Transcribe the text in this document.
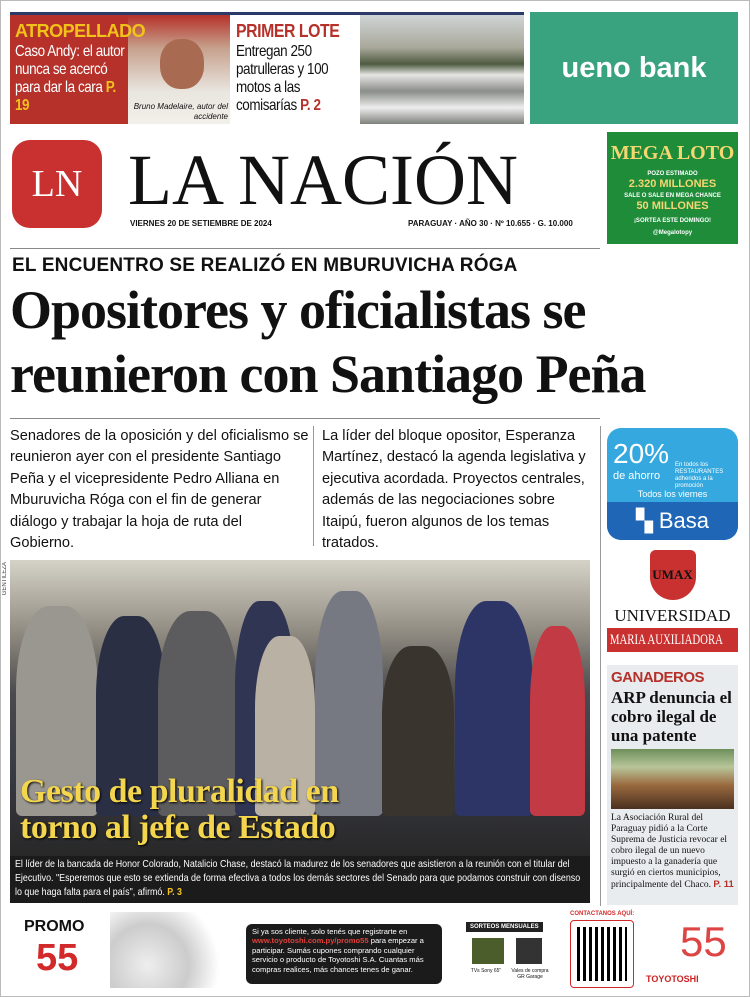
Bruno Madelaire, autor del accidente
ATROPELLADO
Caso Andy: el autor nunca se acercó para dar la cara P. 19
PRIMER LOTE
Entregan 250 patrulleras y 100 motos a las comisarías P. 2
ueno bank
LN LA NACIÓN
VIERNES 20 DE SETIEMBRE DE 2024	PARAGUAY · AÑO 30 · Nº 10.655 · G. 10.000
MEGA LOTO
POZO ESTIMADO
2.320 MILLONES
SALE O SALE EN MEGA CHANCE
50 MILLONES
¡SORTEA ESTE DOMINGO!
@Megalotopy
EL ENCUENTRO SE REALIZÓ EN MBURUVICHA RÓGA
Opositores y oficialistas se reunieron con Santiago Peña
Senadores de la oposición y del oficialismo se reunieron ayer con el presidente Santiago Peña y el vicepresidente Pedro Alliana en Mburuvicha Róga con el fin de generar diálogo y trabajar la hoja de ruta del Gobierno.
La líder del bloque opositor, Esperanza Martínez, destacó la agenda legislativa y ejecutiva acordada. Proyectos centrales, además de las negociaciones sobre Itaipú, fueron algunos de los temas tratados.
20%
de ahorro
En todos los RESTAURANTES adheridos a la promoción
Todos los viernes
▚ Basa
UMAX
UNIVERSIDAD
MARIA AUXILIADORA
GANADEROS
ARP denuncia el cobro ilegal de una patente
La Asociación Rural del Paraguay pidió a la Corte Suprema de Justicia revocar el cobro ilegal de un nuevo impuesto a la ganadería que surgió en ciertos municipios, principalmente del Chaco. P. 11
GENTILEZA
Gesto de pluralidad en torno al jefe de Estado
El líder de la bancada de Honor Colorado, Natalicio Chase, destacó la madurez de los senadores que asistieron a la reunión con el titular del Ejecutivo. "Esperemos que esto se extienda de forma efectiva a todos los demás sectores del Senado para que podamos construir con disenso lo que haga falta para el país", afirmó. P. 3
PROMO
55
Si ya sos cliente, solo tenés que registrarte en www.toyotoshi.com.py/promo55 para empezar a participar. Sumás cupones comprando cualquier servicio o producto de Toyotoshi S.A. Cuantas más compras realices, más chances tenes de ganar.
SORTEOS MENSUALES
TVs Sony 65"	Vales de compra GR Garage
CONTACTANOS AQUÍ:
55
TOYOTOSHI
